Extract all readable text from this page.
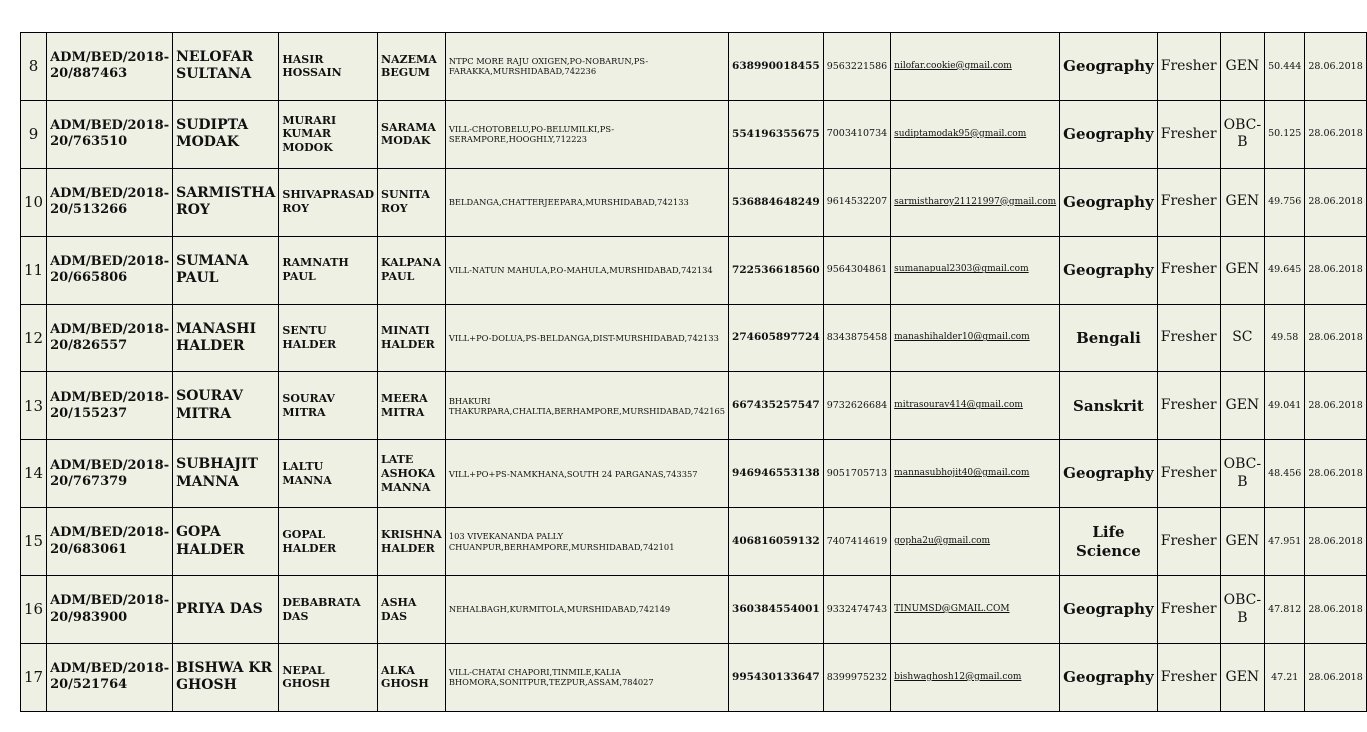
8	ADM/BED/2018-20/887463	NELOFAR SULTANA	HASIR HOSSAIN	NAZEMA BEGUM	NTPC MORE RAJU OXIGEN,PO-NOBARUN,PS-FARAKKA,MURSHIDABAD,742236	638990018455	9563221586	nilofar.cookie@gmail.com	Geography	Fresher	GEN	50.444	28.06.2018
9	ADM/BED/2018-20/763510	SUDIPTA MODAK	MURARI KUMAR MODOK	SARAMA MODAK	VILL-CHOTOBELU,PO-BELUMILKI,PS-SERAMPORE,HOOGHLY,712223	554196355675	7003410734	sudiptamodak95@gmail.com	Geography	Fresher	OBC-B	50.125	28.06.2018
10	ADM/BED/2018-20/513266	SARMISTHA ROY	SHIVAPRASAD ROY	SUNITA ROY	BELDANGA,CHATTERJEEPARA,MURSHIDABAD,742133	536884648249	9614532207	sarmistharoy21121997@gmail.com	Geography	Fresher	GEN	49.756	28.06.2018
11	ADM/BED/2018-20/665806	SUMANA PAUL	RAMNATH PAUL	KALPANA PAUL	VILL-NATUN MAHULA,P.O-MAHULA,MURSHIDABAD,742134	722536618560	9564304861	sumanapual2303@gmail.com	Geography	Fresher	GEN	49.645	28.06.2018
12	ADM/BED/2018-20/826557	MANASHI HALDER	SENTU HALDER	MINATI HALDER	VILL+PO-DOLUA,PS-BELDANGA,DIST-MURSHIDABAD,742133	274605897724	8343875458	manashihalder10@gmail.com	Bengali	Fresher	SC	49.58	28.06.2018
13	ADM/BED/2018-20/155237	SOURAV MITRA	SOURAV MITRA	MEERA MITRA	BHAKURI THAKURPARA,CHALTIA,BERHAMPORE,MURSHIDABAD,742165	667435257547	9732626684	mitrasourav414@gmail.com	Sanskrit	Fresher	GEN	49.041	28.06.2018
14	ADM/BED/2018-20/767379	SUBHAJIT MANNA	LALTU MANNA	LATE ASHOKA MANNA	VILL+PO+PS-NAMKHANA,SOUTH 24 PARGANAS,743357	946946553138	9051705713	mannasubhojit40@gmail.com	Geography	Fresher	OBC-B	48.456	28.06.2018
15	ADM/BED/2018-20/683061	GOPA HALDER	GOPAL HALDER	KRISHNA HALDER	103 VIVEKANANDA PALLY CHUANPUR,BERHAMPORE,MURSHIDABAD,742101	406816059132	7407414619	gopha2u@gmail.com	Life Science	Fresher	GEN	47.951	28.06.2018
16	ADM/BED/2018-20/983900	PRIYA DAS	DEBABRATA DAS	ASHA DAS	NEHALBAGH,KURMITOLA,MURSHIDABAD,742149	360384554001	9332474743	TINUMSD@GMAIL.COM	Geography	Fresher	OBC-B	47.812	28.06.2018
17	ADM/BED/2018-20/521764	BISHWA KR GHOSH	NEPAL GHOSH	ALKA GHOSH	VILL-CHATAI CHAPORI,TINMILE,KALIA BHOMORA,SONITPUR,TEZPUR,ASSAM,784027	995430133647	8399975232	bishwaghosh12@gmail.com	Geography	Fresher	GEN	47.21	28.06.2018
